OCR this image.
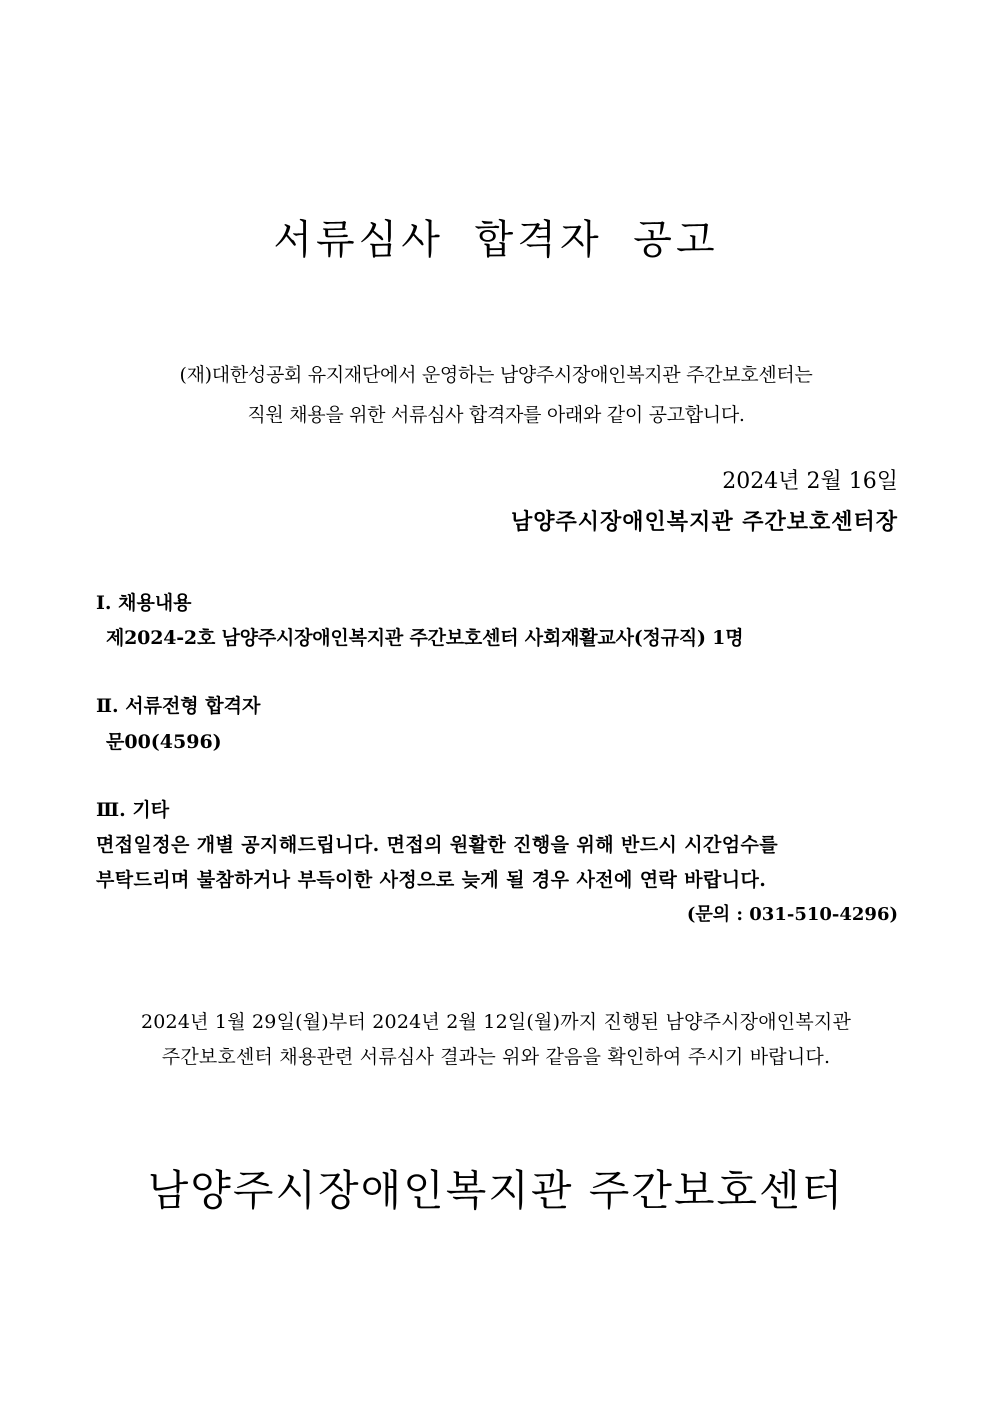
서류심사 합격자 공고
(재)대한성공회 유지재단에서 운영하는 남양주시장애인복지관 주간보호센터는
직원 채용을 위한 서류심사 합격자를 아래와 같이 공고합니다.
2024년 2월 16일
남양주시장애인복지관 주간보호센터장
Ⅰ. 채용내용
제2024-2호 남양주시장애인복지관 주간보호센터 사회재활교사(정규직) 1명
Ⅱ. 서류전형 합격자
문00(4596)
Ⅲ. 기타
면접일정은 개별 공지해드립니다. 면접의 원활한 진행을 위해 반드시 시간엄수를
부탁드리며 불참하거나 부득이한 사정으로 늦게 될 경우 사전에 연락 바랍니다.
(문의 : 031-510-4296)
2024년 1월 29일(월)부터 2024년 2월 12일(월)까지 진행된 남양주시장애인복지관
주간보호센터 채용관련 서류심사 결과는 위와 같음을 확인하여 주시기 바랍니다.
남양주시장애인복지관 주간보호센터
